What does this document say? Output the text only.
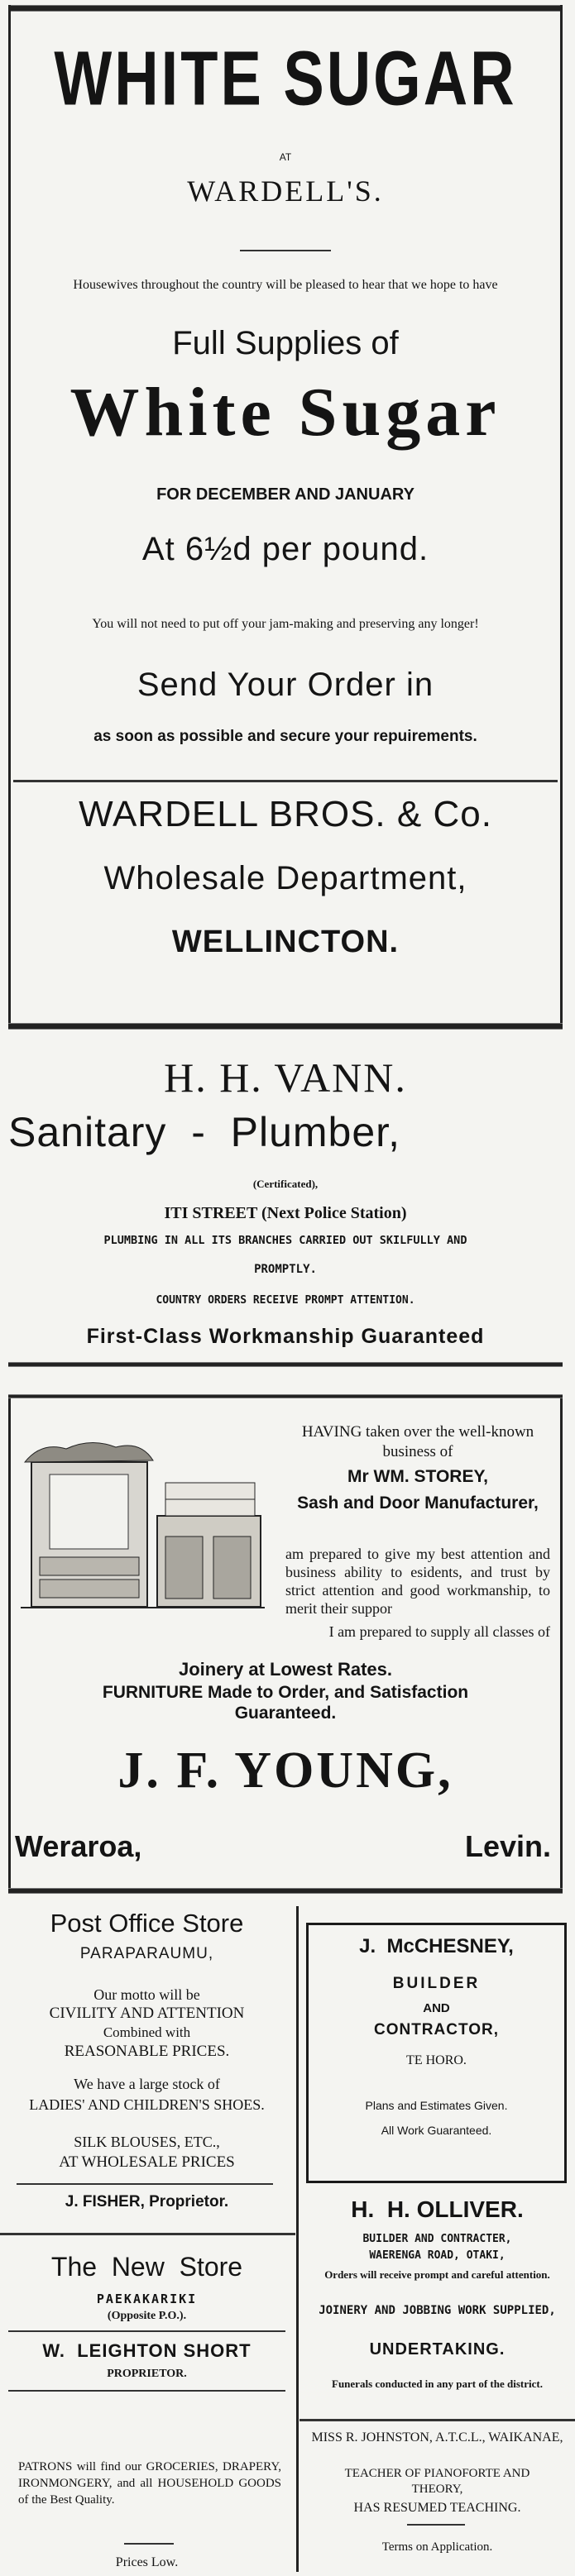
WHITE SUGAR
AT
WARDELL'S.
Housewives throughout the country will be pleased to hear that we hope to have
Full Supplies of
White Sugar
FOR DECEMBER AND JANUARY
At 6½d per pound.
You will not need to put off your jam-making and preserving any longer!
Send Your Order in
as soon as possible and secure your repuirements.
WARDELL BROS. & Co.
Wholesale Department,
WELLINCTON.
H. H. VANN.
Sanitary  -  Plumber,
(Certificated),
ITI STREET (Next Police Station)
PLUMBING IN ALL ITS BRANCHES CARRIED OUT SKILFULLY AND
PROMPTLY.
COUNTRY ORDERS RECEIVE PROMPT ATTENTION.
First-Class Workmanship Guaranteed
HAVING taken over the well-known business of
Mr WM. STOREY,
Sash and Door Manufacturer,
am prepared to give my best attention and business ability to esidents, and trust by strict attention and good workmanship, to merit their suppor
I am prepared to supply all classes of
Joinery at Lowest Rates.
FURNITURE Made to Order, and Satisfaction Guaranteed.
J. F. YOUNG,
Weraroa,	Levin.
Post Office Store
PARAPARAUMU,
Our motto will be
CIVILITY AND ATTENTION
Combined with
REASONABLE PRICES.
We have a large stock of
LADIES' AND CHILDREN'S SHOES.
SILK BLOUSES, ETC.,
AT WHOLESALE PRICES
J. FISHER, Proprietor.
The  New  Store
PAEKAKARIKI
(Opposite P.O.).
W.  LEIGHTON SHORT
PROPRIETOR.
PATRONS will find our GROCERIES, DRAPERY, IRONMONGERY, and all HOUSEHOLD GOODS of the Best Quality.
Prices Low.
J.  McCHESNEY,
BUILDER
AND
CONTRACTOR,
TE HORO.
Plans and Estimates Given.
All Work Guaranteed.
H.  H. OLLIVER.
BUILDER AND CONTRACTER,
WAERENGA ROAD, OTAKI,
Orders will receive prompt and careful attention.
JOINERY AND JOBBING WORK SUPPLIED,
UNDERTAKING.
Funerals conducted in any part of the district.
MISS R. JOHNSTON, A.T.C.L., WAIKANAE,
TEACHER OF PIANOFORTE AND THEORY,
HAS RESUMED TEACHING.
Terms on Application.
